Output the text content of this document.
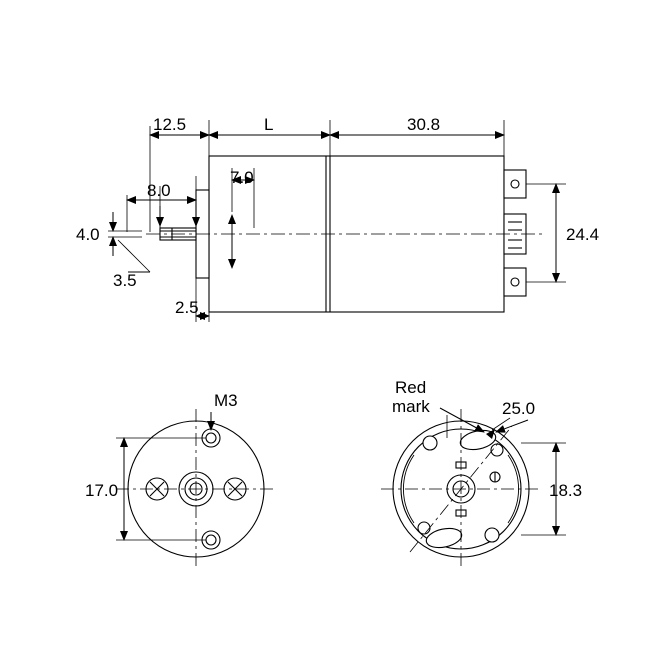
12.5	L	30.8
8.0
7.0
4.0
3.5
2.5
24.4
M3
17.0
Red
mark	25.0
18.3
